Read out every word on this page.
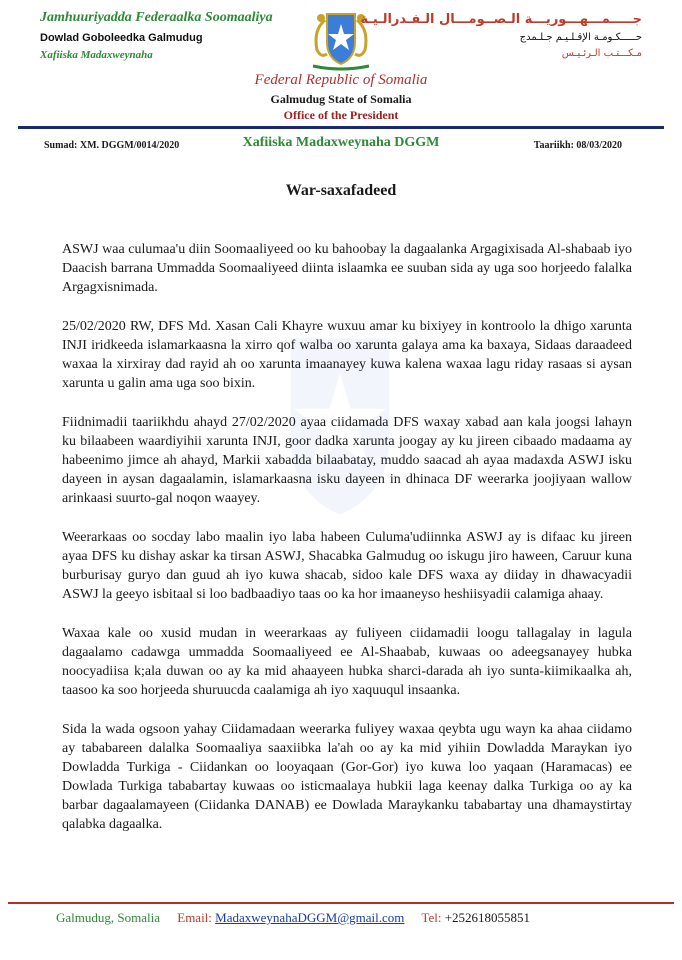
Jamhuuriyadda Federaalka Soomaaliya
Dowlad Goboleedka Galmudug
Xafiiska Madaxweynaha
جـــــمـــهـــوريـــة الـصــومـــال الـفـدرالـيـة
حـــــكـومـة الإقـلـيـم جـلـمدج
مـكـــتـب الـرئـيـس
Federal Republic of Somalia
Galmudug State of Somalia
Office of the President
Sumad: XM. DGGM/0014/2020	Xafiiska Madaxweynaha DGGM	Taariikh: 08/03/2020
War-saxafadeed

ASWJ waa culumaa'u diin Soomaaliyeed oo ku bahoobay la dagaalanka Argagixisada Al-shabaab iyo Daacish barrana Ummadda Soomaaliyeed diinta islaamka ee suuban sida ay uga soo horjeedo falalka Argagxisnimada.

25/02/2020 RW, DFS Md. Xasan Cali Khayre wuxuu amar ku bixiyey in kontroolo la dhigo xarunta INJI iridkeeda islamarkaasna la xirro qof walba oo xarunta galaya ama ka baxaya, Sidaas daraadeed waxaa la xirxiray dad rayid ah oo xarunta imaanayey kuwa kalena waxaa lagu riday rasaas si aysan xarunta u galin ama uga soo bixin.

Fiidnimadii taariikhdu ahayd 27/02/2020 ayaa ciidamada DFS waxay xabad aan kala joogsi lahayn ku bilaabeen waardiyihii xarunta INJI, goor dadka xarunta joogay ay ku jireen cibaado madaama ay habeenimo jimce ah ahayd, Markii xabadda bilaabatay, muddo saacad ah ayaa madaxda ASWJ isku dayeen in aysan dagaalamin, islamarkaasna isku dayeen in dhinaca DF weerarka joojiyaan wallow arinkaasi suurto-gal noqon waayey.

Weerarkaas oo socday labo maalin iyo laba habeen Culuma'udiinnka ASWJ ay is difaac ku jireen ayaa DFS ku dishay askar ka tirsan ASWJ, Shacabka Galmudug oo iskugu jiro haween, Caruur kuna burburisay guryo dan guud ah iyo kuwa shacab, sidoo kale DFS waxa ay diiday in dhawacyadii ASWJ la geeyo isbitaal si loo badbaadiyo taas oo ka hor imaaneyso heshiisyadii calamiga ahaay.

Waxaa kale oo xusid mudan in weerarkaas ay fuliyeen ciidamadii loogu tallagalay in lagula dagaalamo cadawga ummadda Soomaaliyeed ee Al-Shaabab, kuwaas oo adeegsanayey hubka noocyadiisa k;ala duwan oo ay ka mid ahaayeen hubka sharci-darada ah iyo sunta-kiimikaalka ah, taasoo ka soo horjeeda shuruucda caalamiga ah iyo xaquuqul insaanka.

Sida la wada ogsoon yahay Ciidamadaan weerarka fuliyey waxaa qeybta ugu wayn ka ahaa ciidamo ay tababareen dalalka Soomaaliya saaxiibka la'ah oo ay ka mid yihiin Dowladda Maraykan iyo Dowladda Turkiga - Ciidankan oo looyaqaan (Gor-Gor) iyo kuwa loo yaqaan (Haramacas) ee Dowlada Turkiga tababartay kuwaas oo isticmaalaya hubkii laga keenay dalka Turkiga oo ay ka barbar dagaalamayeen (Ciidanka DANAB) ee Dowlada Maraykanku tababartay una dhamaystirtay qalabka dagaalka.

Galmudug, Somalia Email: MadaxweynahaDGGM@gmail.com Tel: +252618055851
